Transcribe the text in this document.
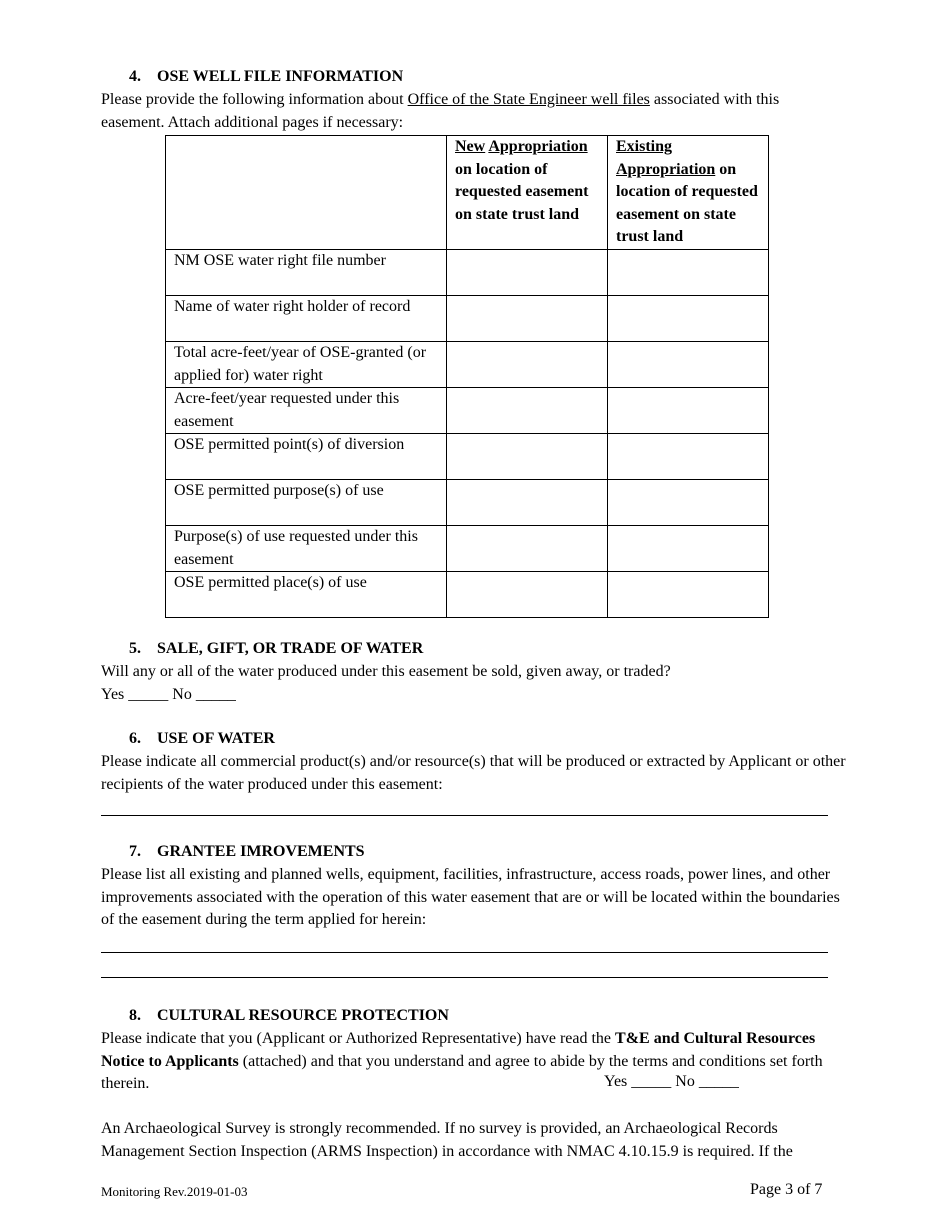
4. OSE WELL FILE INFORMATION
Please provide the following information about Office of the State Engineer well files associated with this
easement. Attach additional pages if necessary:

	New Appropriation on location of requested easement on state trust land	Existing
Appropriation on location of requested easement on state trust land

NM OSE water right file number		
Name of water right holder of record		
Total acre-feet/year of OSE-granted (or applied for) water right		
Acre-feet/year requested under this easement		
OSE permitted point(s) of diversion		
OSE permitted purpose(s) of use		
Purpose(s) of use requested under this easement		
OSE permitted place(s) of use		
5. SALE, GIFT, OR TRADE OF WATER
Will any or all of the water produced under this easement be sold, given away, or traded?
Yes _____ No _____
6. USE OF WATER
Please indicate all commercial product(s) and/or resource(s) that will be produced or extracted by Applicant or other recipients of the water produced under this easement:
7. GRANTEE IMROVEMENTS
Please list all existing and planned wells, equipment, facilities, infrastructure, access roads, power lines, and other improvements associated with the operation of this water easement that are or will be located within the boundaries of the easement during the term applied for herein:
8. CULTURAL RESOURCE PROTECTION
Please indicate that you (Applicant or Authorized Representative) have read the T&E and Cultural Resources Notice to Applicants (attached) and that you understand and agree to abide by the terms and conditions set forth therein.	Yes _____ No _____
An Archaeological Survey is strongly recommended. If no survey is provided, an Archaeological Records Management Section Inspection (ARMS Inspection) in accordance with NMAC 4.10.15.9 is required. If the
Monitoring Rev.2019-01-03	Page 3 of 7
